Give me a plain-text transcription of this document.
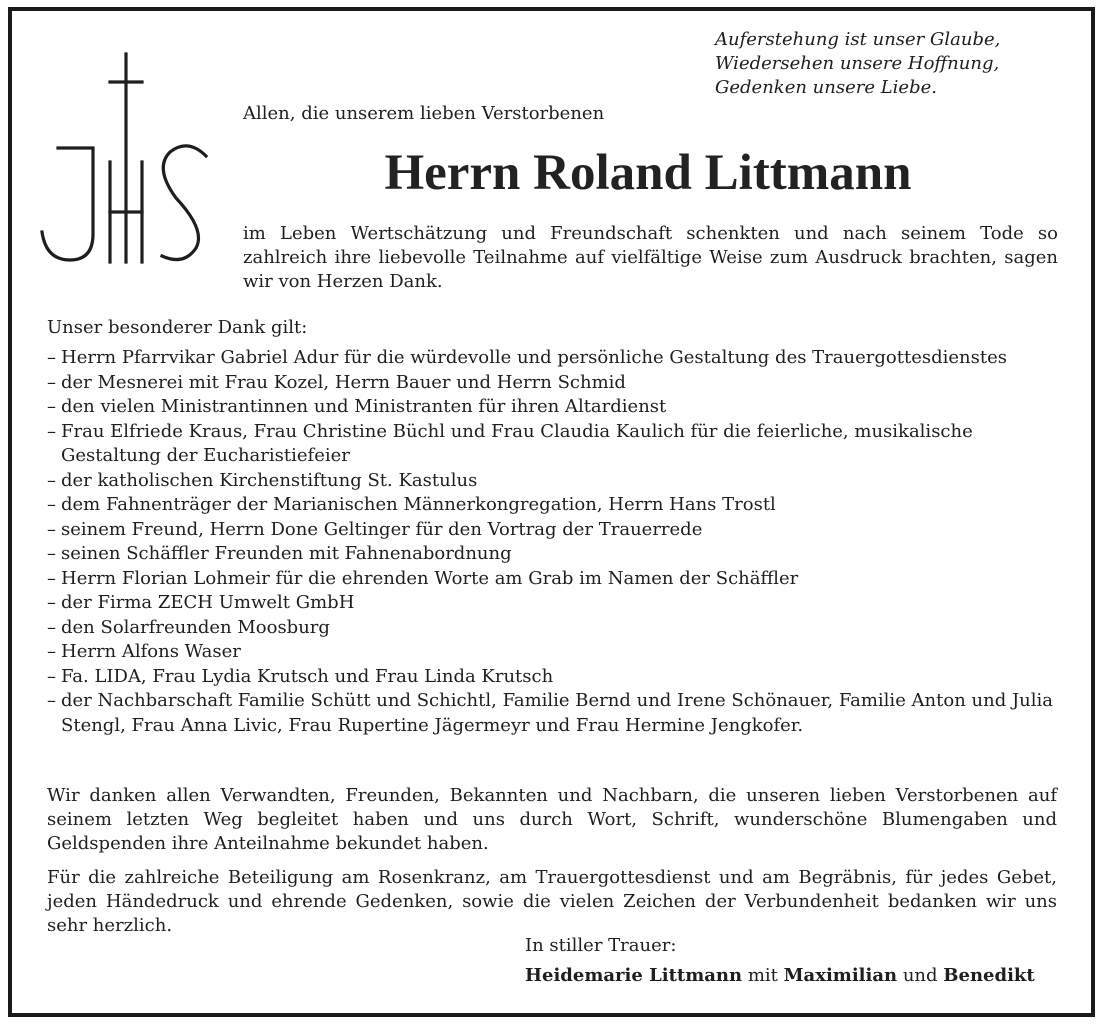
Auferstehung ist unser Glaube,
Wiedersehen unsere Hoffnung,
Gedenken unsere Liebe.
Allen, die unserem lieben Verstorbenen
Herrn Roland Littmann

im Leben Wertschätzung und Freundschaft schenkten und nach seinem Tode so zahlreich ihre liebevolle Teilnahme auf vielfältige Weise zum Ausdruck brachten, sagen wir von Herzen Dank.

Unser besonderer Dank gilt:
– Herrn Pfarrvikar Gabriel Adur für die würdevolle und persönliche Gestaltung des Trauergottesdienstes
– der Mesnerei mit Frau Kozel, Herrn Bauer und Herrn Schmid
– den vielen Ministrantinnen und Ministranten für ihren Altardienst
– Frau Elfriede Kraus, Frau Christine Büchl und Frau Claudia Kaulich für die feierliche, musikalische Gestaltung der Eucharistiefeier
– der katholischen Kirchenstiftung St. Kastulus
– dem Fahnenträger der Marianischen Männerkongregation, Herrn Hans Trostl
– seinem Freund, Herrn Done Geltinger für den Vortrag der Trauerrede
– seinen Schäffler Freunden mit Fahnenabordnung
– Herrn Florian Lohmeir für die ehrenden Worte am Grab im Namen der Schäffler
– der Firma ZECH Umwelt GmbH
– den Solarfreunden Moosburg
– Herrn Alfons Waser
– Fa. LIDA, Frau Lydia Krutsch und Frau Linda Krutsch
– der Nachbarschaft Familie Schütt und Schichtl, Familie Bernd und Irene Schönauer, Familie Anton und Julia Stengl, Frau Anna Livic, Frau Rupertine Jägermeyr und Frau Hermine Jengkofer.

Wir danken allen Verwandten, Freunden, Bekannten und Nachbarn, die unseren lieben Verstorbenen auf seinem letzten Weg begleitet haben und uns durch Wort, Schrift, wunderschöne Blumengaben und Geldspenden ihre Anteilnahme bekundet haben.

Für die zahlreiche Beteiligung am Rosenkranz, am Trauergottesdienst und am Begräbnis, für jedes Gebet, jeden Händedruck und ehrende Gedenken, sowie die vielen Zeichen der Verbundenheit bedanken wir uns sehr herzlich.

In stiller Trauer:
Heidemarie Littmann mit Maximilian und Benedikt
